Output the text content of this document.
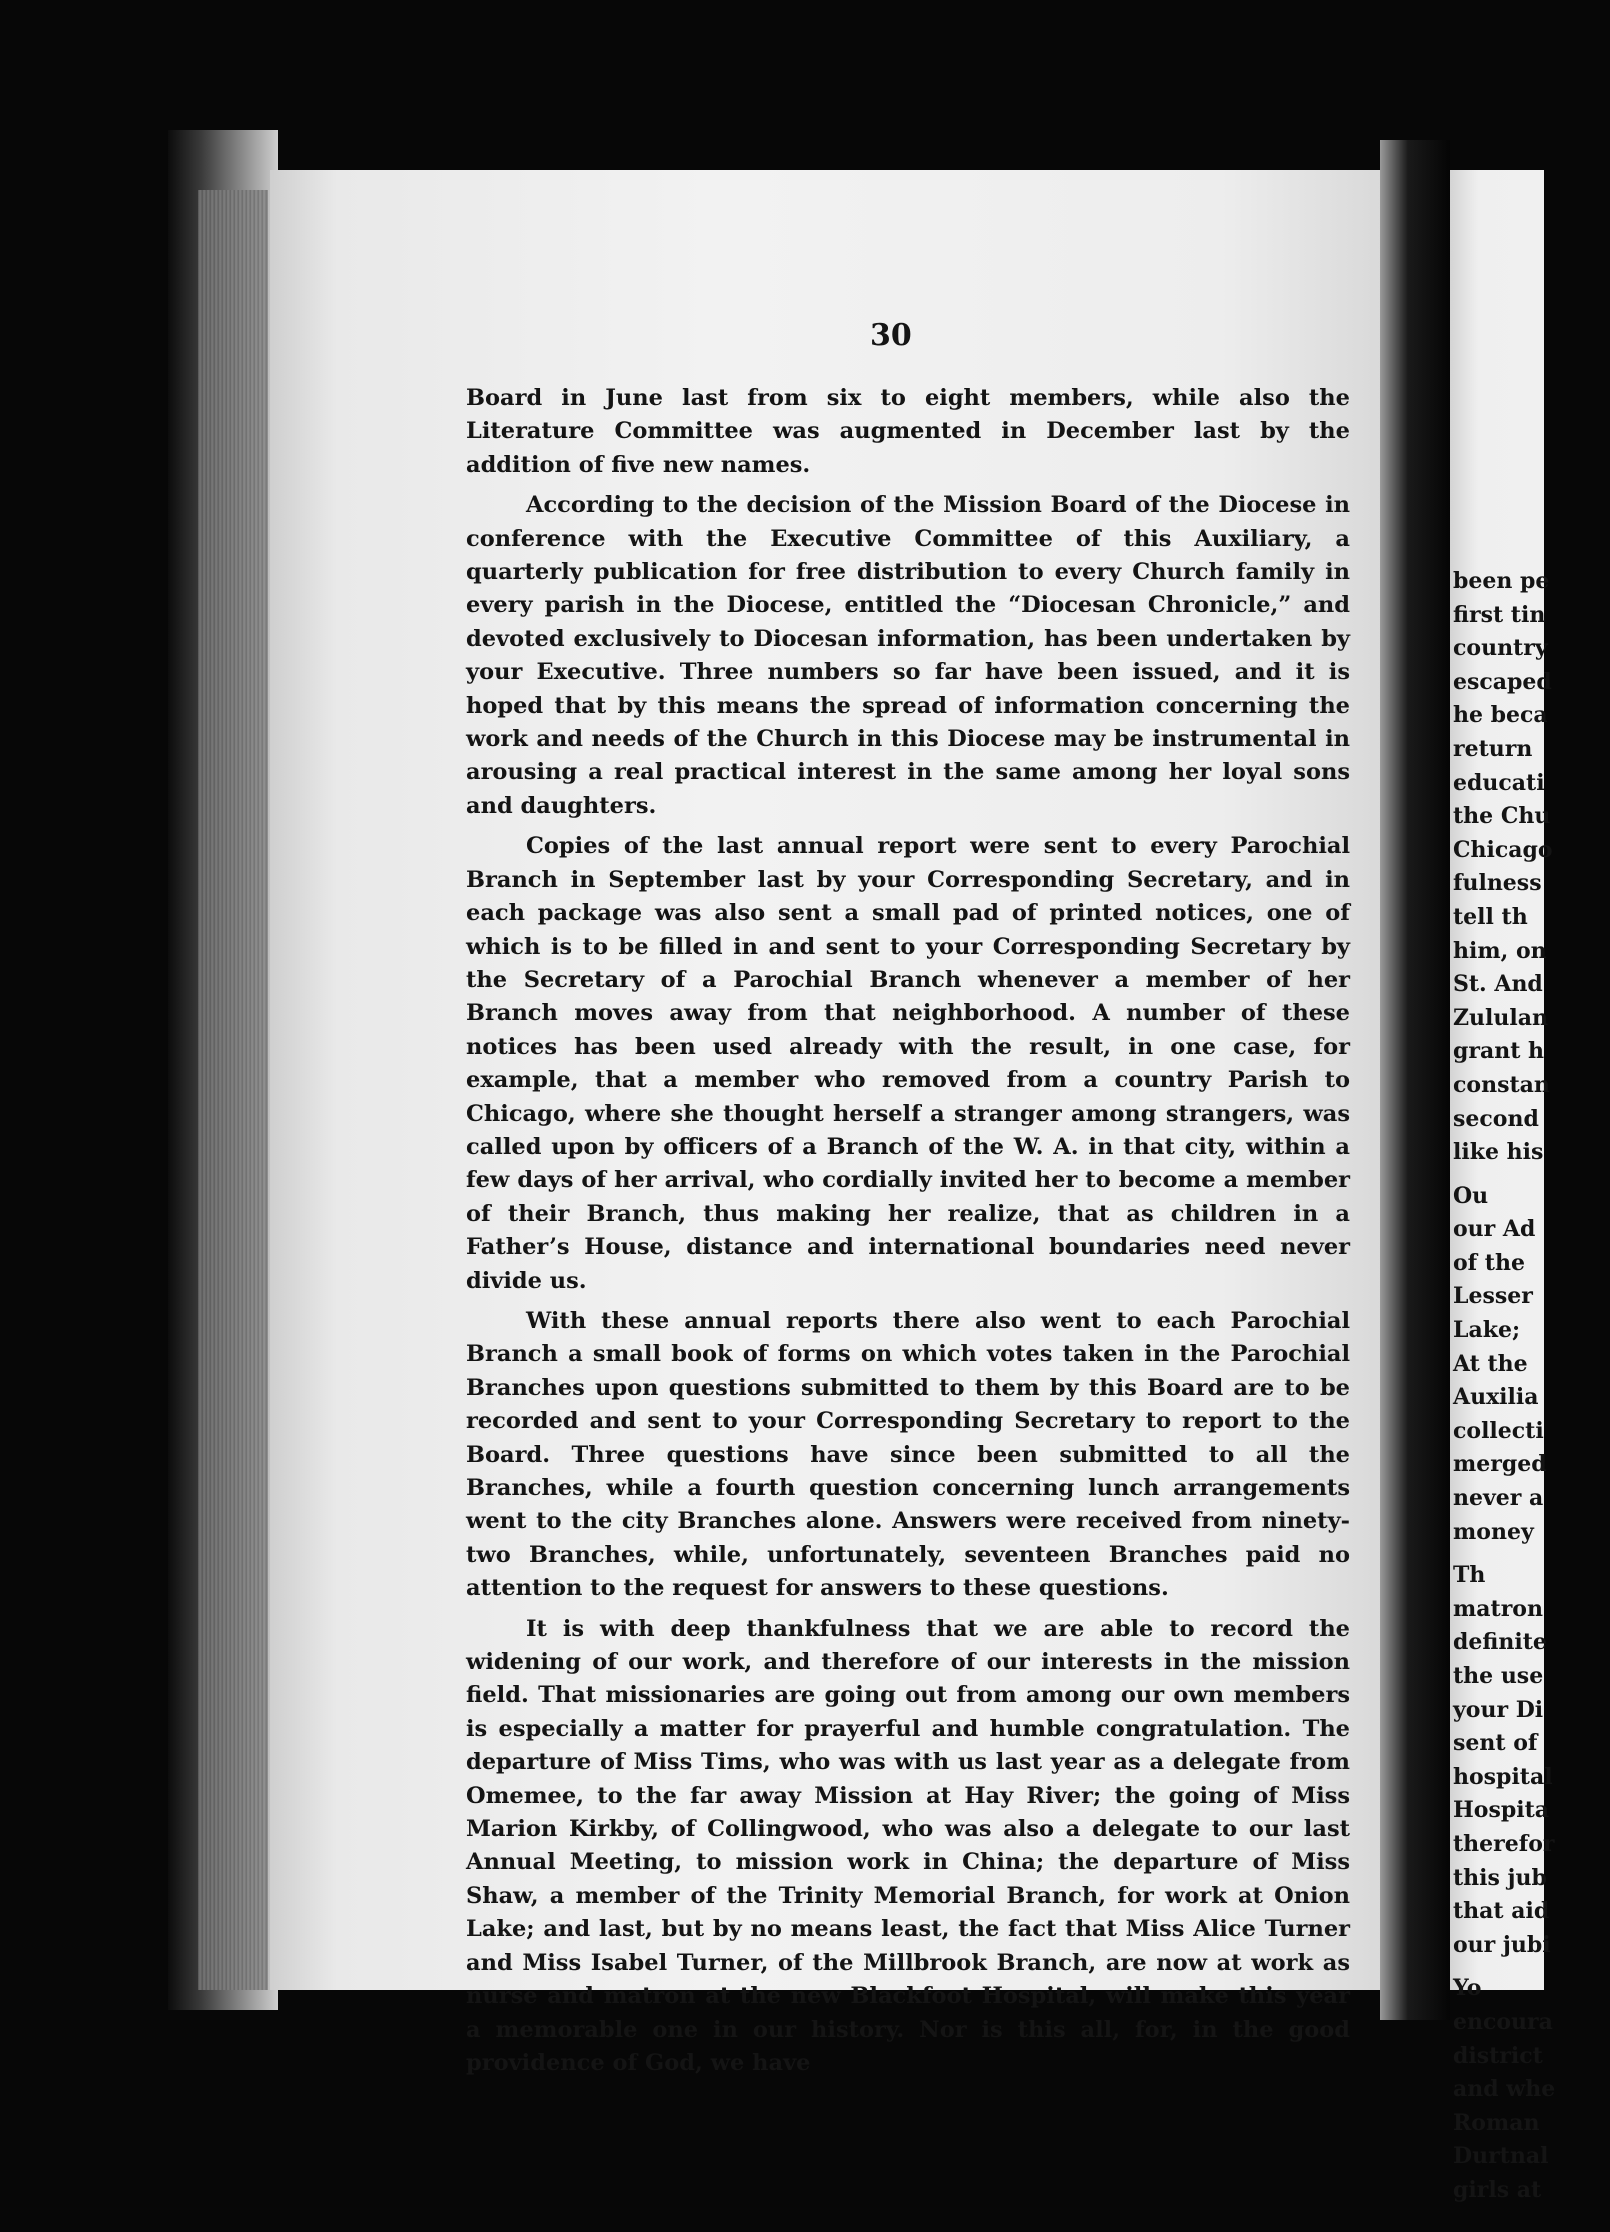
30

Board in June last from six to eight members, while also the Literature Committee was augmented in December last by the addition of five new names.

According to the decision of the Mission Board of the Diocese in conference with the Executive Committee of this Auxiliary, a quarterly publication for free distribution to every Church family in every parish in the Diocese, entitled the “Diocesan Chronicle,” and devoted exclusively to Diocesan information, has been undertaken by your Executive. Three numbers so far have been issued, and it is hoped that by this means the spread of information concerning the work and needs of the Church in this Diocese may be instrumental in arousing a real practical interest in the same among her loyal sons and daughters.

Copies of the last annual report were sent to every Parochial Branch in September last by your Corresponding Secretary, and in each package was also sent a small pad of printed notices, one of which is to be filled in and sent to your Corresponding Secretary by the Secretary of a Parochial Branch whenever a member of her Branch moves away from that neighborhood. A number of these notices has been used already with the result, in one case, for example, that a member who removed from a country Parish to Chicago, where she thought herself a stranger among strangers, was called upon by officers of a Branch of the W. A. in that city, within a few days of her arrival, who cordially invited her to become a member of their Branch, thus making her realize, that as children in a Father’s House, distance and international boundaries need never divide us.

With these annual reports there also went to each Parochial Branch a small book of forms on which votes taken in the Parochial Branches upon questions submitted to them by this Board are to be recorded and sent to your Corresponding Secretary to report to the Board. Three questions have since been submitted to all the Branches, while a fourth question concerning lunch arrangements went to the city Branches alone. Answers were received from ninety-two Branches, while, unfortunately, seventeen Branches paid no attention to the request for answers to these questions.

It is with deep thankfulness that we are able to record the widening of our work, and therefore of our interests in the mission field. That missionaries are going out from among our own members is especially a matter for prayerful and humble congratulation. The departure of Miss Tims, who was with us last year as a delegate from Omemee, to the far away Mission at Hay River; the going of Miss Marion Kirkby, of Collingwood, who was also a delegate to our last Annual Meeting, to mission work in China; the departure of Miss Shaw, a member of the Trinity Memorial Branch, for work at Onion Lake; and last, but by no means least, the fact that Miss Alice Turner and Miss Isabel Turner, of the Millbrook Branch, are now at work as nurse and matron at the new Blackfoot Hospital, will make this year a memorable one in our history. Nor is this all, for, in the good providence of God, we have

been pe
first tin
country
escaped
he beca
return
educati
the Chu
Chicago
fulness
tell th
him, on
St. And
Zululan
grant h
constan
second
like his
Ou
our Ad
of the
Lesser
Lake;
At the
Auxilia
collecti
merged
never a
money
Th
matron
definite
the use
your Di
sent of
hospital
Hospita
therefor
this jub
that aid
our jubi
Yo
encoura
district
and whe
Roman
Durtnal
girls at
